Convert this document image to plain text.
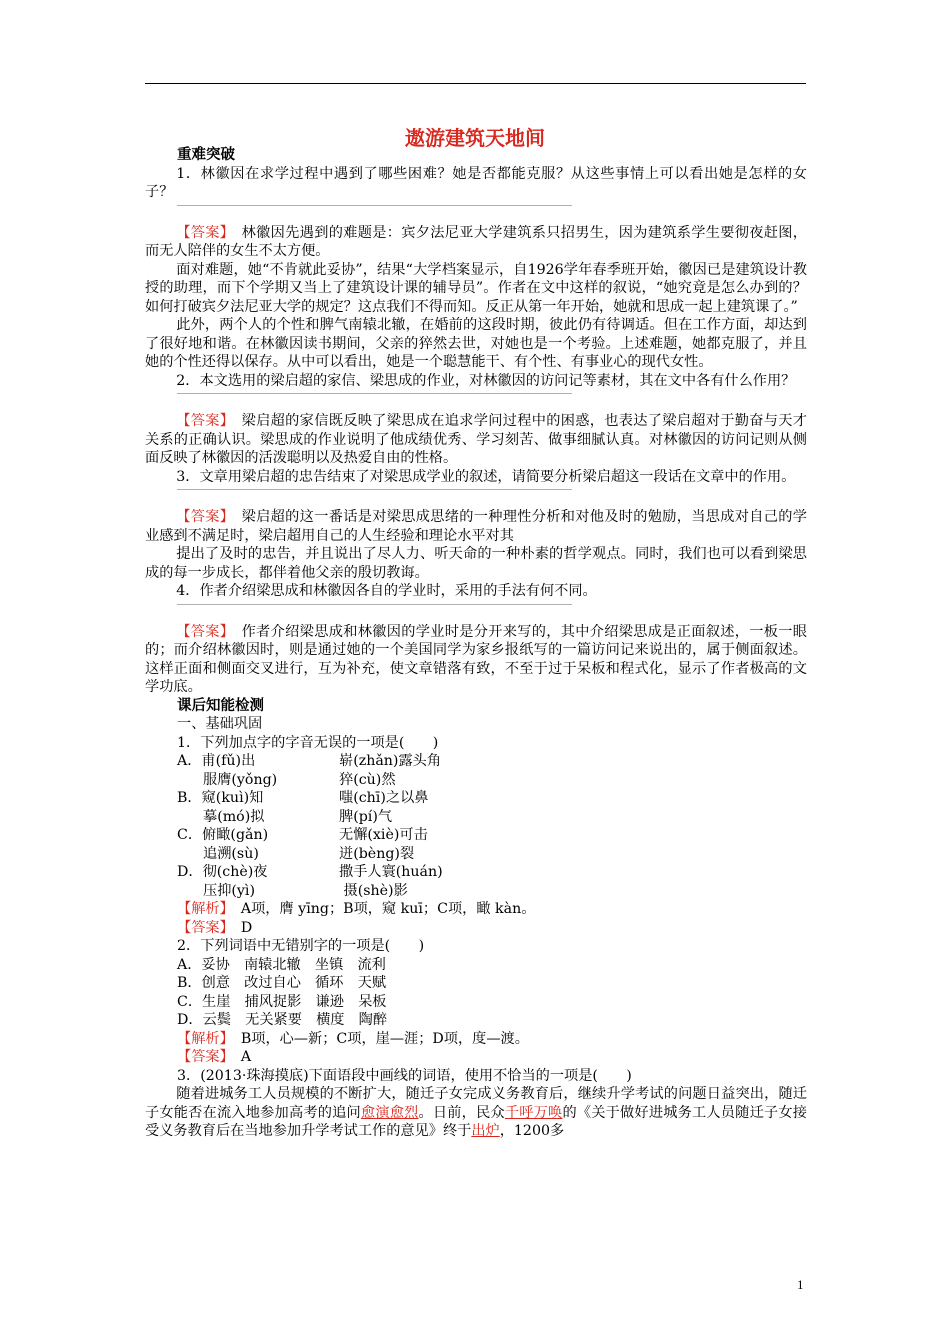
遨游建筑天地间

重难突破

1．林徽因在求学过程中遇到了哪些困难？她是否都能克服？从这些事情上可以看出她是怎样的女子？

【答案】　 林徽因先遇到的难题是：宾夕法尼亚大学建筑系只招男生，因为建筑系学生要彻夜赶图，而无人陪伴的女生不太方便。

面对难题，她“不肯就此妥协”，结果“大学档案显示，自1926学年春季班开始，徽因已是建筑设计教授的助理，而下个学期又当上了建筑设计课的辅导员”。作者在文中这样的叙说，“她究竟是怎么办到的？如何打破宾夕法尼亚大学的规定？这点我们不得而知。反正从第一年开始，她就和思成一起上建筑课了。”

此外，两个人的个性和脾气南辕北辙，在婚前的这段时期，彼此仍有待调适。但在工作方面，却达到了很好地和谐。在林徽因读书期间，父亲的猝然去世，对她也是一个考验。上述难题，她都克服了，并且她的个性还得以保存。从中可以看出，她是一个聪慧能干、有个性、有事业心的现代女性。

2．本文选用的梁启超的家信、梁思成的作业，对林徽因的访问记等素材，其在文中各有什么作用？

【答案】　 梁启超的家信既反映了梁思成在追求学问过程中的困惑，也表达了梁启超对于勤奋与天才关系的正确认识。梁思成的作业说明了他成绩优秀、学习刻苦、做事细腻认真。对林徽因的访问记则从侧面反映了林徽因的活泼聪明以及热爱自由的性格。

3．文章用梁启超的忠告结束了对梁思成学业的叙述，请简要分析梁启超这一段话在文章中的作用。

【答案】　 梁启超的这一番话是对梁思成思绪的一种理性分析和对他及时的勉励，当思成对自己的学业感到不满足时，梁启超用自己的人生经验和理论水平对其

提出了及时的忠告，并且说出了尽人力、听天命的一种朴素的哲学观点。同时，我们也可以看到梁思成的每一步成长，都伴着他父亲的殷切教诲。

4．作者介绍梁思成和林徽因各自的学业时，采用的手法有何不同。

【答案】　 作者介绍梁思成和林徽因的学业时是分开来写的，其中介绍梁思成是正面叙述，一板一眼的；而介绍林徽因时，则是通过她的一个美国同学为家乡报纸写的一篇访问记来说出的，属于侧面叙述。这样正面和侧面交叉进行，互为补充，使文章错落有致，不至于过于呆板和程式化，显示了作者极高的文学功底。

课后知能检测

一、基础巩固

1．下列加点字的字音无误的一项是(　　)

A．甫(fǔ)出	崭(zhǎn)露头角
服膺(yǒng)	猝(cù)然
B．窥(kuì)知	嗤(chī)之以鼻
摹(mó)拟	脾(pí)气
C．俯瞰(gǎn)	无懈(xiè)可击
追溯(sù)	迸(bèng)裂
D．彻(chè)夜	撒手人寰(huán)
压抑(yì)	摄(shè)影

【解析】　 A项，膺 yīng；B项，窥 kuī；C项，瞰 kàn。

【答案】　 D

2．下列词语中无错别字的一项是(　　)

A．妥协　南辕北辙　坐镇　流利

B．创意　改过自心　循环　天赋

C．生崖　捕风捉影　谦逊　呆板

D．云鬓　无关紧要　横度　陶醉

【解析】　 B项，心—新；C项，崖—涯；D项，度—渡。

【答案】　 A

3．(2013·珠海摸底)下面语段中画线的词语，使用不恰当的一项是(　　)

随着进城务工人员规模的不断扩大，随迁子女完成义务教育后，继续升学考试的问题日益突出，随迁子女能否在流入地参加高考的追问愈演愈烈。日前，民众千呼万唤的《关于做好进城务工人员随迁子女接受义务教育后在当地参加升学考试工作的意见》终于出炉，1200多

1
